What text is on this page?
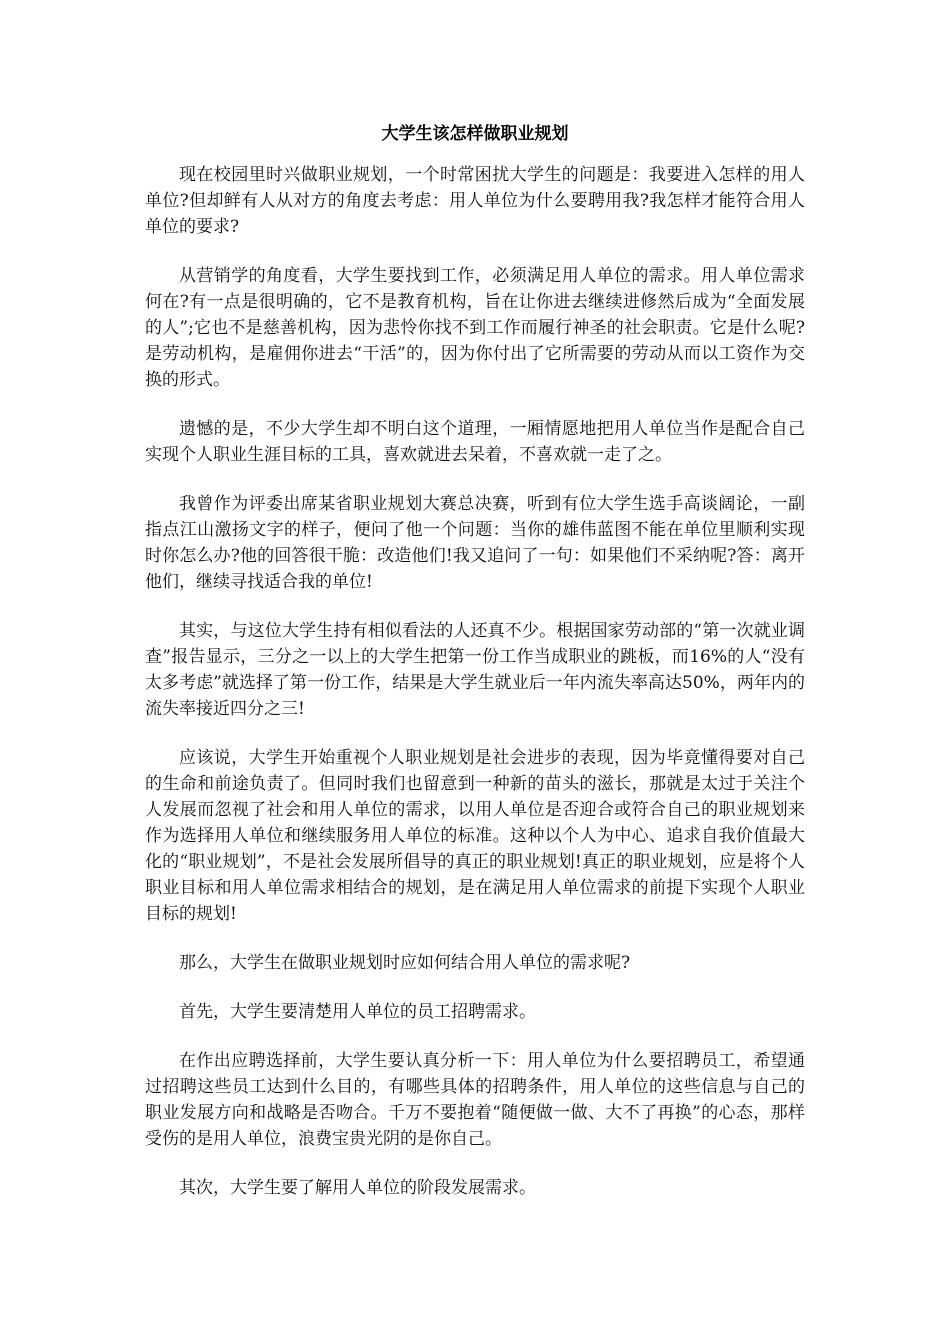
大学生该怎样做职业规划

现在校园里时兴做职业规划，一个时常困扰大学生的问题是：我要进入怎样的用人单位?但却鲜有人从对方的角度去考虑：用人单位为什么要聘用我?我怎样才能符合用人单位的要求?

从营销学的角度看，大学生要找到工作，必须满足用人单位的需求。用人单位需求何在?有一点是很明确的，它不是教育机构，旨在让你进去继续进修然后成为“全面发展的人”;它也不是慈善机构，因为悲怜你找不到工作而履行神圣的社会职责。它是什么呢?是劳动机构，是雇佣你进去“干活”的，因为你付出了它所需要的劳动从而以工资作为交换的形式。

遗憾的是，不少大学生却不明白这个道理，一厢情愿地把用人单位当作是配合自己实现个人职业生涯目标的工具，喜欢就进去呆着，不喜欢就一走了之。

我曾作为评委出席某省职业规划大赛总决赛，听到有位大学生选手高谈阔论，一副指点江山激扬文字的样子，便问了他一个问题：当你的雄伟蓝图不能在单位里顺利实现时你怎么办?他的回答很干脆：改造他们!我又追问了一句：如果他们不采纳呢?答：离开他们，继续寻找适合我的单位!

其实，与这位大学生持有相似看法的人还真不少。根据国家劳动部的“第一次就业调查”报告显示，三分之一以上的大学生把第一份工作当成职业的跳板，而16%的人“没有太多考虑”就选择了第一份工作，结果是大学生就业后一年内流失率高达50%，两年内的流失率接近四分之三!

应该说，大学生开始重视个人职业规划是社会进步的表现，因为毕竟懂得要对自己的生命和前途负责了。但同时我们也留意到一种新的苗头的滋长，那就是太过于关注个人发展而忽视了社会和用人单位的需求，以用人单位是否迎合或符合自己的职业规划来作为选择用人单位和继续服务用人单位的标准。这种以个人为中心、追求自我价值最大化的“职业规划”，不是社会发展所倡导的真正的职业规划!真正的职业规划，应是将个人职业目标和用人单位需求相结合的规划，是在满足用人单位需求的前提下实现个人职业目标的规划!

那么，大学生在做职业规划时应如何结合用人单位的需求呢?

首先，大学生要清楚用人单位的员工招聘需求。

在作出应聘选择前，大学生要认真分析一下：用人单位为什么要招聘员工，希望通过招聘这些员工达到什么目的，有哪些具体的招聘条件，用人单位的这些信息与自己的职业发展方向和战略是否吻合。千万不要抱着“随便做一做、大不了再换”的心态，那样受伤的是用人单位，浪费宝贵光阴的是你自己。

其次，大学生要了解用人单位的阶段发展需求。
